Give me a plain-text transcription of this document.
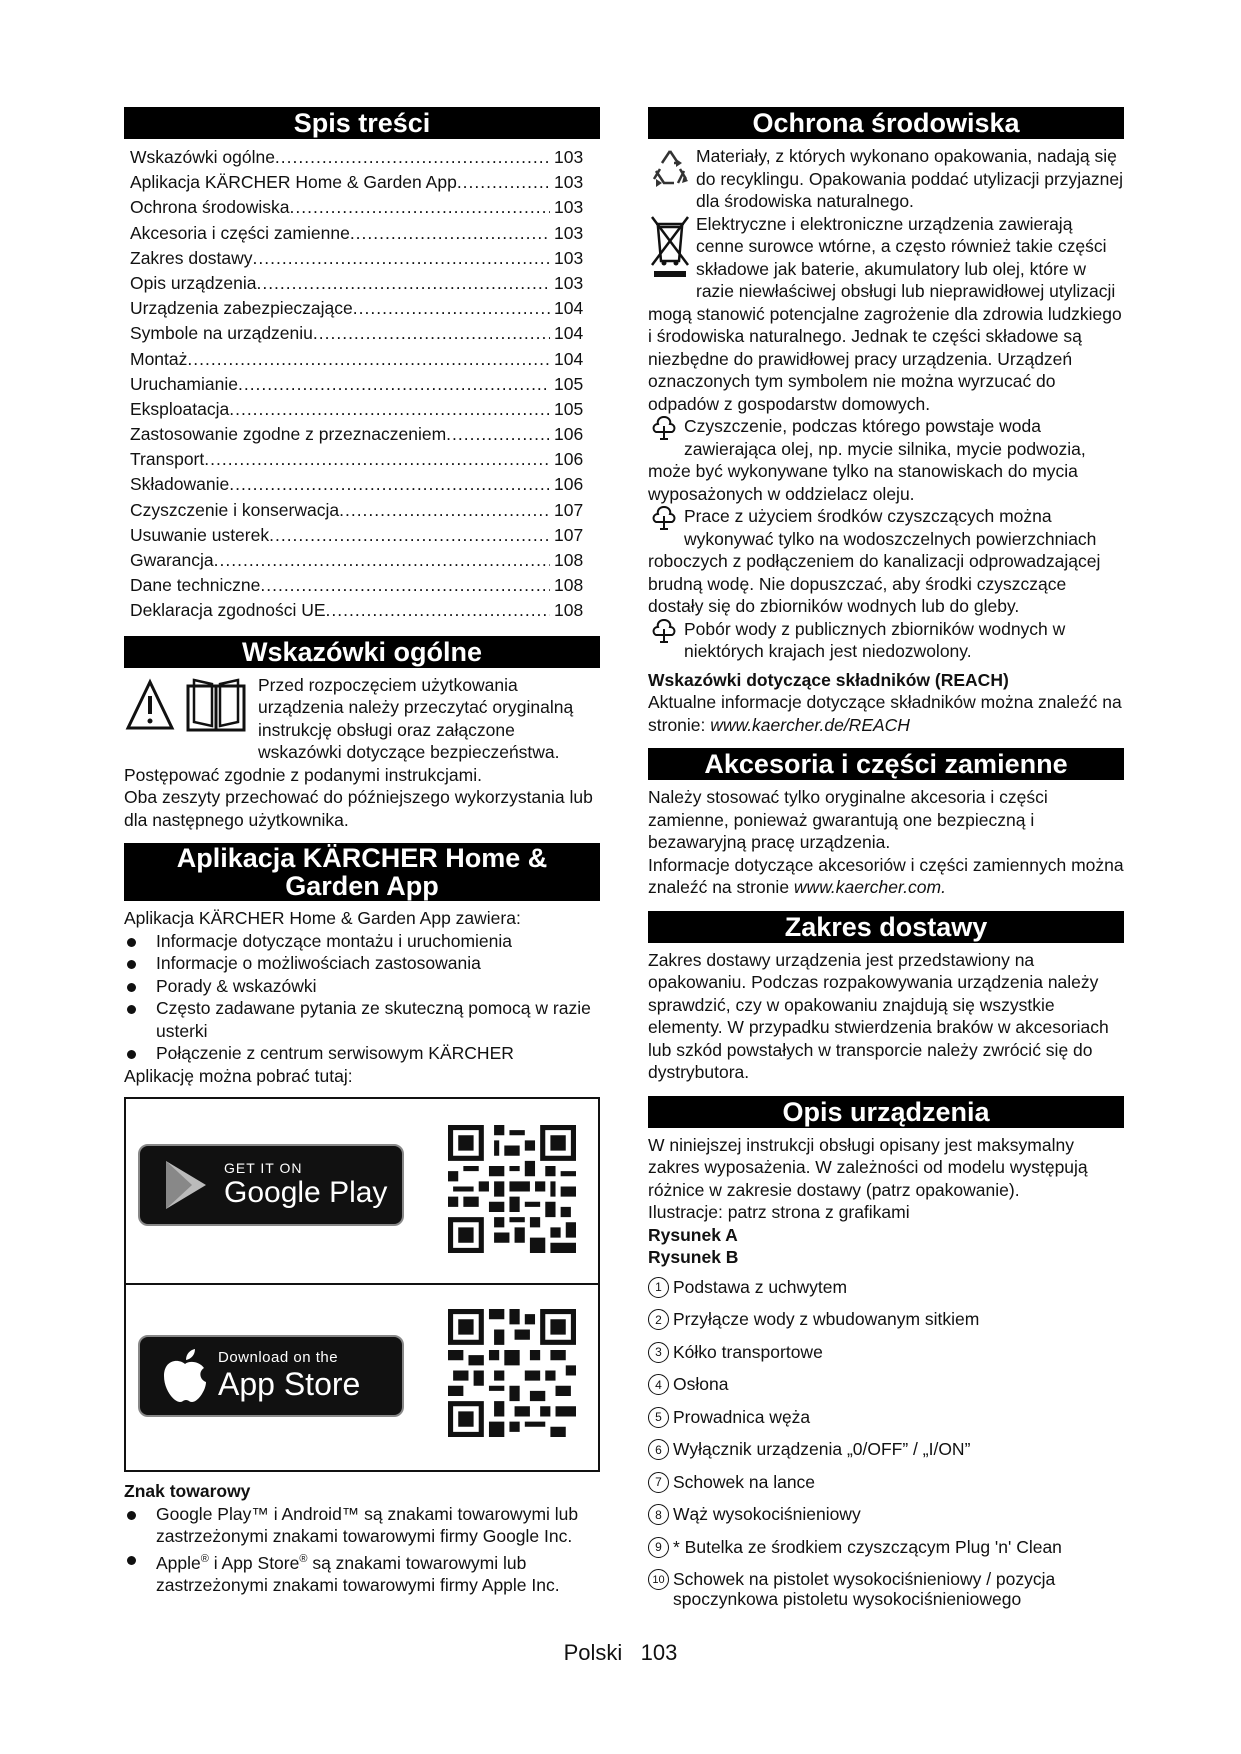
Spis treści
Wskazówki ogólne .....	103
Aplikacja KÄRCHER Home & Garden App .....	103
Ochrona środowiska .....	103
Akcesoria i części zamienne .....	103
Zakres dostawy .....	103
Opis urządzenia .....	103
Urządzenia zabezpieczające .....	104
Symbole na urządzeniu .....	104
Montaż .....	104
Uruchamianie .....	105
Eksploatacja .....	105
Zastosowanie zgodne z przeznaczeniem .....	106
Transport .....	106
Składowanie .....	106
Czyszczenie i konserwacja .....	107
Usuwanie usterek .....	107
Gwarancja .....	108
Dane techniczne .....	108
Deklaracja zgodności UE .....	108
Wskazówki ogólne

Przed rozpoczęciem użytkowania urządzenia należy przeczytać oryginalną instrukcję obsługi oraz załączone wskazówki dotyczące bezpieczeństwa. Postępować zgodnie z podanymi instrukcjami.

Oba zeszyty przechować do późniejszego wykorzystania lub dla następnego użytkownika.

Aplikacja KÄRCHER Home &
Garden App

Aplikacja KÄRCHER Home & Garden App zawiera:

Informacje dotyczące montażu i uruchomienia
Informacje o możliwościach zastosowania
Porady & wskazówki
Często zadawane pytania ze skuteczną pomocą w razie usterki
Połączenie z centrum serwisowym KÄRCHER

Aplikację można pobrać tutaj:

GET IT ON
Google Play
Download on the
App Store

Znak towarowy

Google Play™ i Android™ są znakami towarowymi lub zastrzeżonymi znakami towarowymi firmy Google Inc.
Apple® i App Store® są znakami towarowymi lub zastrzeżonymi znakami towarowymi firmy Apple Inc.
Ochrona środowiska

Materiały, z których wykonano opakowania, nadają się do recyklingu. Opakowania poddać utylizacji przyjaznej dla środowiska naturalnego.

Elektryczne i elektroniczne urządzenia zawierają cenne surowce wtórne, a często również takie części składowe jak baterie, akumulatory lub olej, które w razie niewłaściwej obsługi lub nieprawidłowej utylizacji mogą stanowić potencjalne zagrożenie dla zdrowia ludzkiego i środowiska naturalnego. Jednak te części składowe są niezbędne do prawidłowej pracy urządzenia. Urządzeń oznaczonych tym symbolem nie można wyrzucać do odpadów z gospodarstw domowych.

Czyszczenie, podczas którego powstaje woda zawierająca olej, np. mycie silnika, mycie podwozia, może być wykonywane tylko na stanowiskach do mycia wyposażonych w oddzielacz oleju.

Prace z użyciem środków czyszczących można wykonywać tylko na wodoszczelnych powierzchniach roboczych z podłączeniem do kanalizacji odprowadzającej brudną wodę. Nie dopuszczać, aby środki czyszczące dostały się do zbiorników wodnych lub do gleby.

Pobór wody z publicznych zbiorników wodnych w niektórych krajach jest niedozwolony.

Wskazówki dotyczące składników (REACH)

Aktualne informacje dotyczące składników można znaleźć na stronie: www.kaercher.de/REACH

Akcesoria i części zamienne

Należy stosować tylko oryginalne akcesoria i części zamienne, ponieważ gwarantują one bezpieczną i bezawaryjną pracę urządzenia.

Informacje dotyczące akcesoriów i części zamiennych można znaleźć na stronie www.kaercher.com.

Zakres dostawy

Zakres dostawy urządzenia jest przedstawiony na opakowaniu. Podczas rozpakowywania urządzenia należy sprawdzić, czy w opakowaniu znajdują się wszystkie elementy. W przypadku stwierdzenia braków w akcesoriach lub szkód powstałych w transporcie należy zwrócić się do dystrybutora.

Opis urządzenia

W niniejszej instrukcji obsługi opisany jest maksymalny zakres wyposażenia. W zależności od modelu występują różnice w zakresie dostawy (patrz opakowanie).

Ilustracje: patrz strona z grafikami

Rysunek A

Rysunek B

1 Podstawa z uchwytem
2 Przyłącze wody z wbudowanym sitkiem
3 Kółko transportowe
4 Osłona
5 Prowadnica węża
6 Wyłącznik urządzenia „0/OFF” / „I/ON”
7 Schowek na lance
8 Wąż wysokociśnieniowy
9 * Butelka ze środkiem czyszczącym Plug 'n' Clean
10 Schowek na pistolet wysokociśnieniowy / pozycja spoczynkowa pistoletu wysokociśnieniowego
Polski 103
